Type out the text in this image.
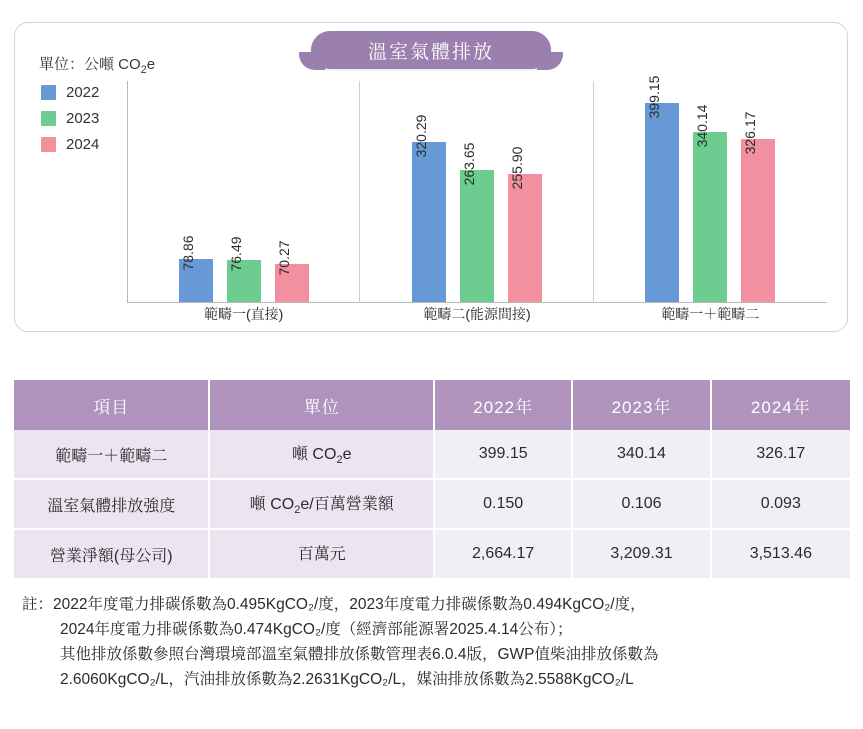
溫室氣體排放
單位：公噸 $CO_2e$
2022
2023
2024
78.86 76.49 70.27
320.29
263.65 255.90
399.15
340.14 326.17
範疇一(直接)	範疇二(能源間接)	範疇一＋範疇二
項目	單位	2022年	2023年	2024年
範疇一＋範疇二	噸 $CO_2e$	399.15	340.14	326.17
溫室氣體排放強度	噸 $CO_2e/$百萬營業額	0.150	0.106	0.093
營業淨額(母公司)	百萬元	2,664.17	3,209.31	3,513.46
註：2022年度電力排碳係數為0.495KgCO₂/度，2023年度電力排碳係數為0.494KgCO₂/度，
2024年度電力排碳係數為0.474KgCO₂/度（經濟部能源署2025.4.14公布）；
其他排放係數參照台灣環境部溫室氣體排放係數管理表6.0.4版，GWP值柴油排放係數為
2.6060KgCO₂/L，汽油排放係數為2.2631KgCO₂/L，媒油排放係數為2.5588KgCO₂/L
